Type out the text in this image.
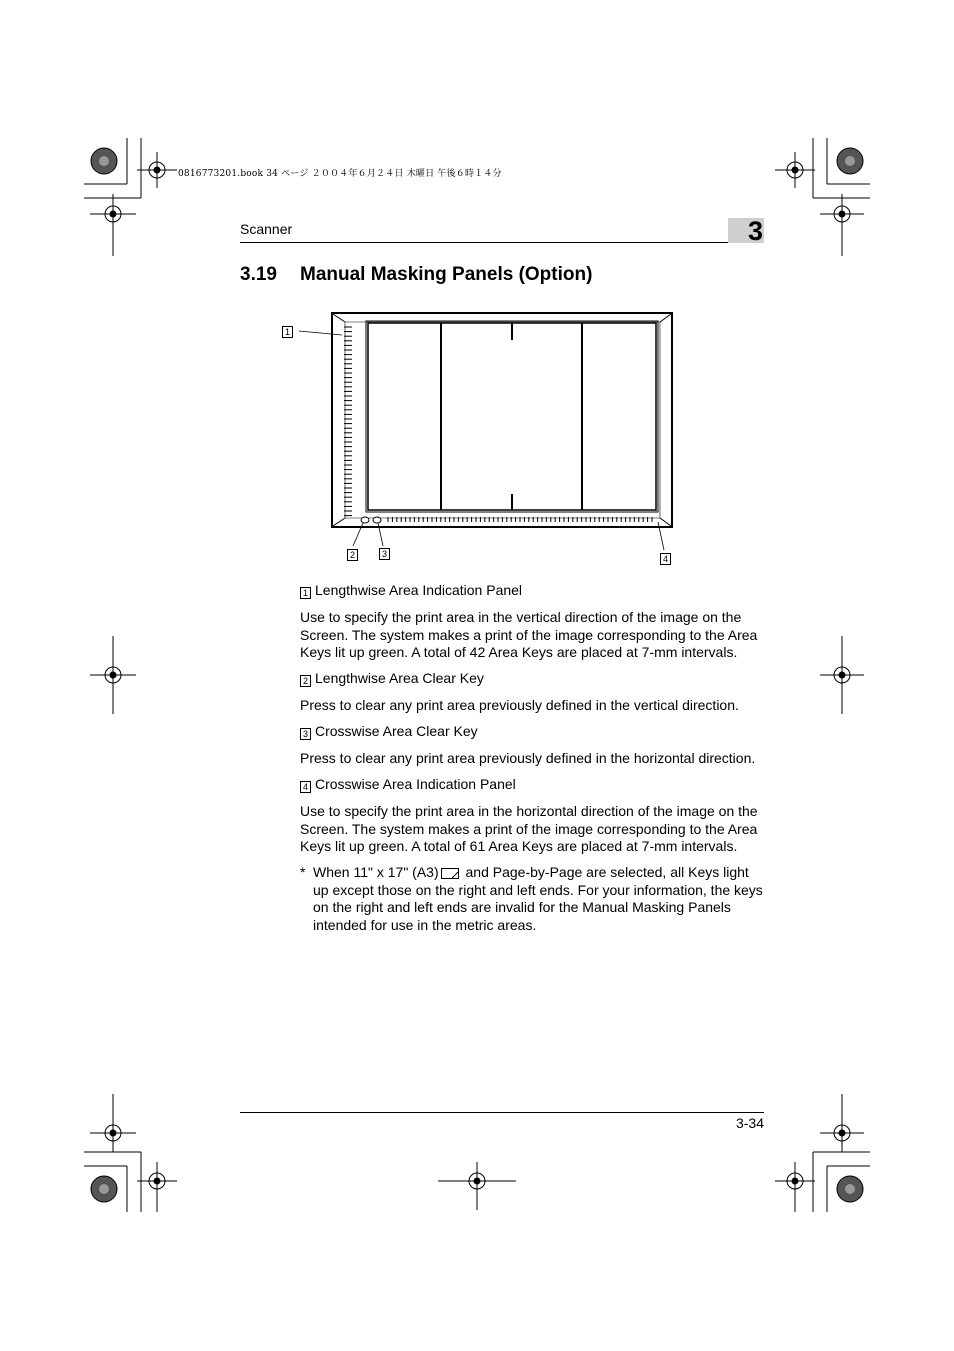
0816773201.book 34 ページ ２００４年６月２４日 木曜日 午後６時１４分
Scanner	3
3.19 Manual Masking Panels (Option)
1
2	3	4
1 Lengthwise Area Indication Panel
Use to specify the print area in the vertical direction of the image on the Screen. The system makes a print of the image corresponding to the Area Keys lit up green. A total of 42 Area Keys are placed at 7-mm intervals.
2 Lengthwise Area Clear Key
Press to clear any print area previously defined in the vertical direction.
3 Crosswise Area Clear Key
Press to clear any print area previously defined in the horizontal direction.
4 Crosswise Area Indication Panel
Use to specify the print area in the horizontal direction of the image on the Screen. The system makes a print of the image corresponding to the Area Keys lit up green. A total of 61 Area Keys are placed at 7-mm intervals.
* When 11" x 17" (A3)
and Page-by-Page are selected, all Keys light up except those on the right and left ends. For your information, the keys on the right and left ends are invalid for the Manual Masking Panels intended for use in the metric areas.
3-34
